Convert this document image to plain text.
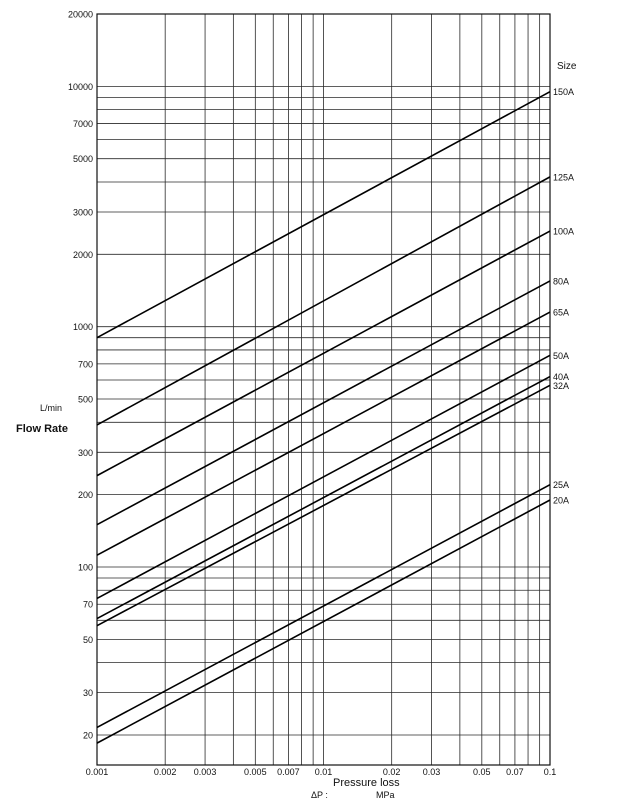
150A
125A
100A
80A
65A
50A
40A
32A
25A
20A
0.001	0.002 0.003	0.005 0.007 0.01	0.02 0.03	0.05 0.07 0.1
20
30
50
70
100
200
300
500
700
1000
2000
3000
5000
7000
10000
20000
Size
Pressure loss
ΔP :	MPa
L/min
Flow Rate
